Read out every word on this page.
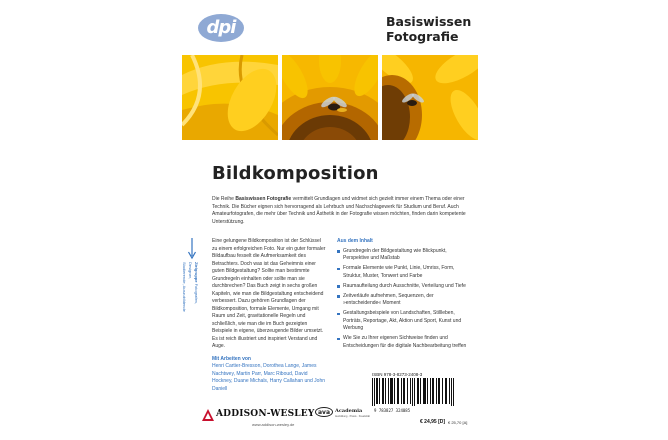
dpi	Basiswissen
Fotografie
Bildkomposition

Die Reihe Basiswissen Fotografie vermittelt Grundlagen und widmet sich gezielt immer einem Thema oder einer Technik. Die Bücher eignen sich hervorragend als Lehrbuch und Nachschlagewerk für Studium und Beruf. Auch Amateurfotografen, die mehr über Technik und Ästhetik in der Fotografie wissen möchten, finden darin kompetente Unterstützung.

Eine gelungene Bildkomposition ist der Schlüssel zu einem erfolgreichen Foto. Nur ein guter formaler Bildaufbau fesselt die Aufmerksamkeit des Betrachters. Doch was ist das Geheimnis einer guten Bildgestaltung? Sollte man bestimmte Grundregeln einhalten oder sollte man sie durchbrechen? Das Buch zeigt in sechs großen Kapiteln, wie man die Bildgestaltung entscheidend verbessert. Dazu gehören Grundlagen der Bildkomposition, formale Elemente, Umgang mit Raum und Zeit, gravitationelle Regeln und schließlich, wie man die im Buch gezeigten Beispiele in eigene, überzeugende Bilder umsetzt. Es ist reich illustriert und inspiriert Verstand und Auge.

Mit Arbeiten von

Henri Cartier-Bresson, Dorothea Lange, James Nachtwey, Martin Parr, Marc Riboud, David Hockney, Duane Michals, Harry Callahan und John Daniell

Aus dem Inhalt
Grundregeln der Bildgestaltung wie Blickpunkt, Perspektive und Maßstab
Formale Elemente wie Punkt, Linie, Umriss, Form, Struktur, Muster, Tonwert und Farbe
Raumaufteilung durch Ausschnitte, Verteilung und Tiefe
Zeitverläufe aufnehmen, Sequenzen, der »entscheidende« Moment
Gestaltungsbeispiele von Landschaften, Stillleben, Porträts, Reportage, Akt, Aktion und Sport, Kunst und Werbung
Wie Sie zu Ihrer eigenen Sichtweise finden und Entscheidungen für die digitale Nachbearbeitung treffen
Zielgruppe Fotografen, Designer,
Studierende, Auszubildende
ADDISON-WESLEY
www.addison-wesley.de
ava	Academia
Ausbildung · Praxis · Kreativität
ISBN 978-3-8273-2408-3
9 783827 324085
€ 24,95 [D] € 25,70 [A]
